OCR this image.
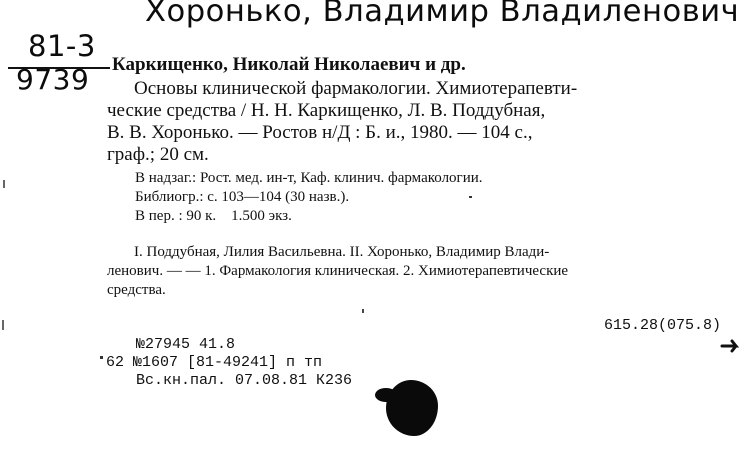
Хоронько, Владимир Владиленович
81-3
9739 Каркищенко, Николай Николаевич и др.
Основы клинической фармакологии. Химиотерапевти-
ческие средства / Н. Н. Каркищенко, Л. В. Поддубная,
В. В. Хоронько. — Ростов н/Д : Б. и., 1980. — 104 с.,
граф.; 20 см.
В надзаг.: Рост. мед. ин-т, Каф. клинич. фармакологии.
Библиогр.: с. 103—104 (30 назв.).
В пер. : 90 к.    1.500 экз.
I. Поддубная, Лилия Васильевна. II. Хоронько, Владимир Влади-
ленович. — — 1. Фармакология клиническая. 2. Химиотерапевтические
средства.
615.28(075.8)
№27945 41.8
62 №1607 [81-49241] п тп
Вс.кн.пал. 07.08.81 К236
